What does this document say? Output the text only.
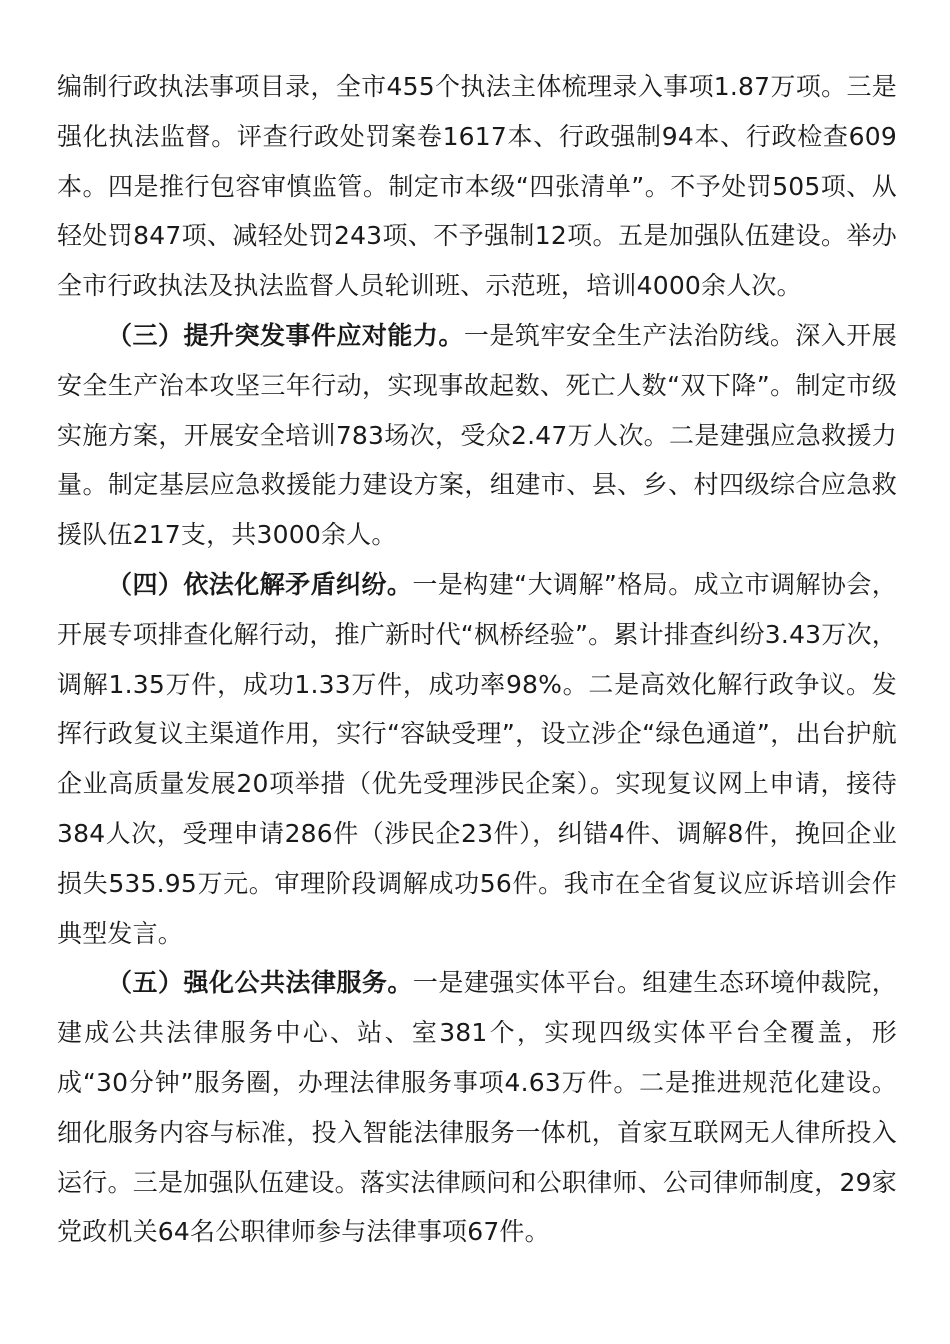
编制行政执法事项目录，全市455个执法主体梳理录入事项1.87万项。三是强化执法监督。评查行政处罚案卷1617本、行政强制94本、行政检查609本。四是推行包容审慎监管。制定市本级“四张清单”。不予处罚505项、从轻处罚847项、减轻处罚243项、不予强制12项。五是加强队伍建设。举办全市行政执法及执法监督人员轮训班、示范班，培训4000余人次。

（三）提升突发事件应对能力。一是筑牢安全生产法治防线。深入开展安全生产治本攻坚三年行动，实现事故起数、死亡人数“双下降”。制定市级实施方案，开展安全培训783场次，受众2.47万人次。二是建强应急救援力量。制定基层应急救援能力建设方案，组建市、县、乡、村四级综合应急救援队伍217支，共3000余人。

（四）依法化解矛盾纠纷。一是构建“大调解”格局。成立市调解协会，开展专项排查化解行动，推广新时代“枫桥经验”。累计排查纠纷3.43万次，调解1.35万件，成功1.33万件，成功率98%。二是高效化解行政争议。发挥行政复议主渠道作用，实行“容缺受理”，设立涉企“绿色通道”，出台护航企业高质量发展20项举措（优先受理涉民企案）。实现复议网上申请，接待384人次，受理申请286件（涉民企23件），纠错4件、调解8件，挽回企业损失535.95万元。审理阶段调解成功56件。我市在全省复议应诉培训会作典型发言。

（五）强化公共法律服务。一是建强实体平台。组建生态环境仲裁院，建成公共法律服务中心、站、室381个，实现四级实体平台全覆盖，形成“30分钟”服务圈，办理法律服务事项4.63万件。二是推进规范化建设。细化服务内容与标准，投入智能法律服务一体机，首家互联网无人律所投入运行。三是加强队伍建设。落实法律顾问和公职律师、公司律师制度，29家党政机关64名公职律师参与法律事项67件。
